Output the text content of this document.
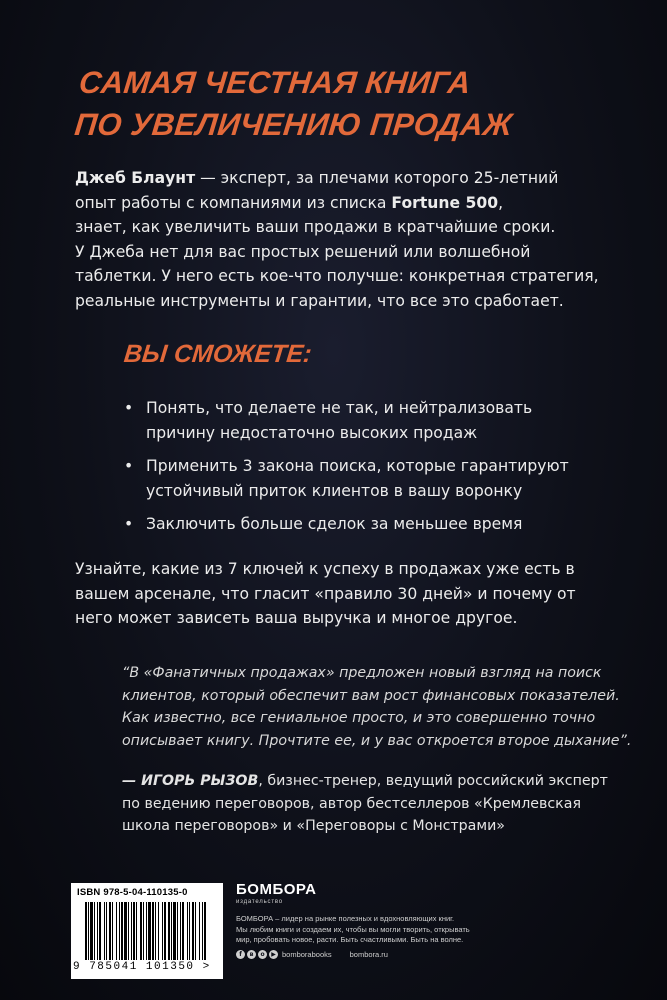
САМАЯ ЧЕСТНАЯ КНИГА
ПО УВЕЛИЧЕНИЮ ПРОДАЖ
Джеб Блаунт — эксперт, за плечами которого 25-летний
опыт работы с компаниями из списка Fortune 500,
знает, как увеличить ваши продажи в кратчайшие сроки.
У Джеба нет для вас простых решений или волшебной
таблетки. У него есть кое-что получше: конкретная стратегия,
реальные инструменты и гарантии, что все это сработает.
ВЫ СМОЖЕТЕ:
• Понять, что делаете не так, и нейтрализовать
причину недостаточно высоких продаж
• Применить 3 закона поиска, которые гарантируют
устойчивый приток клиентов в вашу воронку
• Заключить больше сделок за меньшее время
Узнайте, какие из 7 ключей к успеху в продажах уже есть в
вашем арсенале, что гласит «правило 30 дней» и почему от
него может зависеть ваша выручка и многое другое.
“В «Фанатичных продажах» предложен новый взгляд на поиск
клиентов, который обеспечит вам рост финансовых показателей.
Как известно, все гениальное просто, и это совершенно точно
описывает книгу. Прочтите ее, и у вас откроется второе дыхание”.
— ИГОРЬ РЫЗОВ, бизнес-тренер, ведущий российский эксперт
по ведению переговоров, автор бестселлеров «Кремлевская
школа переговоров» и «Переговоры с Монстрами»
ISBN 978-5-04-110135-0
9 785041 101350 >
БОМБОРА
издательство
БОМБОРА – лидер на рынке полезных и вдохновляющих книг.
Мы любим книги и создаем их, чтобы вы могли творить, открывать
мир, пробовать новое, расти. Быть счастливыми. Быть на волне.
f	в	о	▶ bomborabooks bombora.ru
